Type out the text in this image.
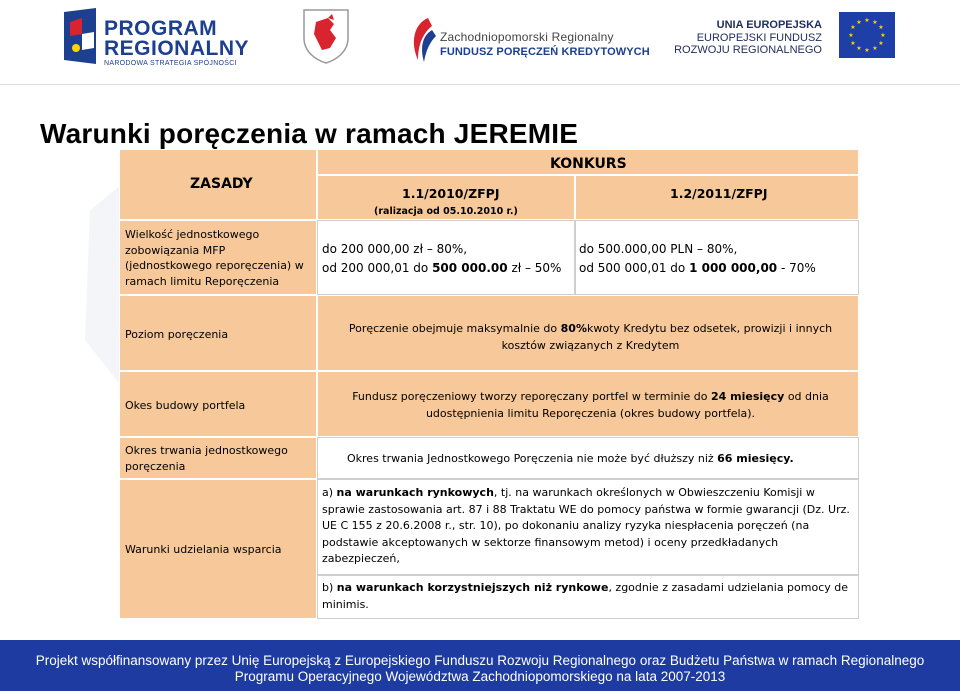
PROGRAM
REGIONALNY
NARODOWA STRATEGIA SPÓJNOŚCI
Zachodniopomorski Regionalny
FUNDUSZ PORĘCZEŃ KREDYTOWYCH
UNIA EUROPEJSKA
EUROPEJSKI FUNDUSZ
ROZWOJU REGIONALNEGO
★ ★
★
★
★
★
★
★
★
★
★
★
Warunki poręczenia w ramach JEREMIE
ZASADY
KONKURS
1.1/2010/ZFPJ
(ralizacja od 05.10.2010 r.)
1.2/2011/ZFPJ
Wielkość jednostkowego zobowiązania MFP (jednostkowego reporęczenia) w ramach limitu Reporęczenia
do 200 000,00 zł – 80%,
od 200 000,01 do 500 000.00 zł – 50%
do 500.000,00 PLN – 80%,
od 500 000,01 do 1 000 000,00 - 70%
Poziom poręczenia	Poręczenie obejmuje maksymalnie do 80%kwoty Kredytu bez odsetek, prowizji i innych kosztów związanych z Kredytem
Okes budowy portfela
Fundusz poręczeniowy tworzy reporęczany portfel w terminie do 24 miesięcy od dnia udostępnienia limitu Reporęczenia (okres budowy portfela).
Okres trwania jednostkowego poręczenia
Okres trwania Jednostkowego Poręczenia nie może być dłuższy niż 66 miesięcy.
Warunki udzielania wsparcia
a) na warunkach rynkowych, tj. na warunkach określonych w Obwieszczeniu Komisji w sprawie zastosowania art. 87 i 88 Traktatu WE do pomocy państwa w formie gwarancji (Dz. Urz. UE C 155 z 20.6.2008 r., str. 10), po dokonaniu analizy ryzyka niespłacenia poręczeń (na podstawie akceptowanych w sektorze finansowym metod) i oceny przedkładanych zabezpieczeń,
b) na warunkach korzystniejszych niż rynkowe, zgodnie z zasadami udzielania pomocy de minimis.
Projekt współfinansowany przez Unię Europejską z Europejskiego Funduszu Rozwoju Regionalnego oraz Budżetu Państwa w ramach Regionalnego
Programu Operacyjnego Województwa Zachodniopomorskiego na lata 2007-2013
